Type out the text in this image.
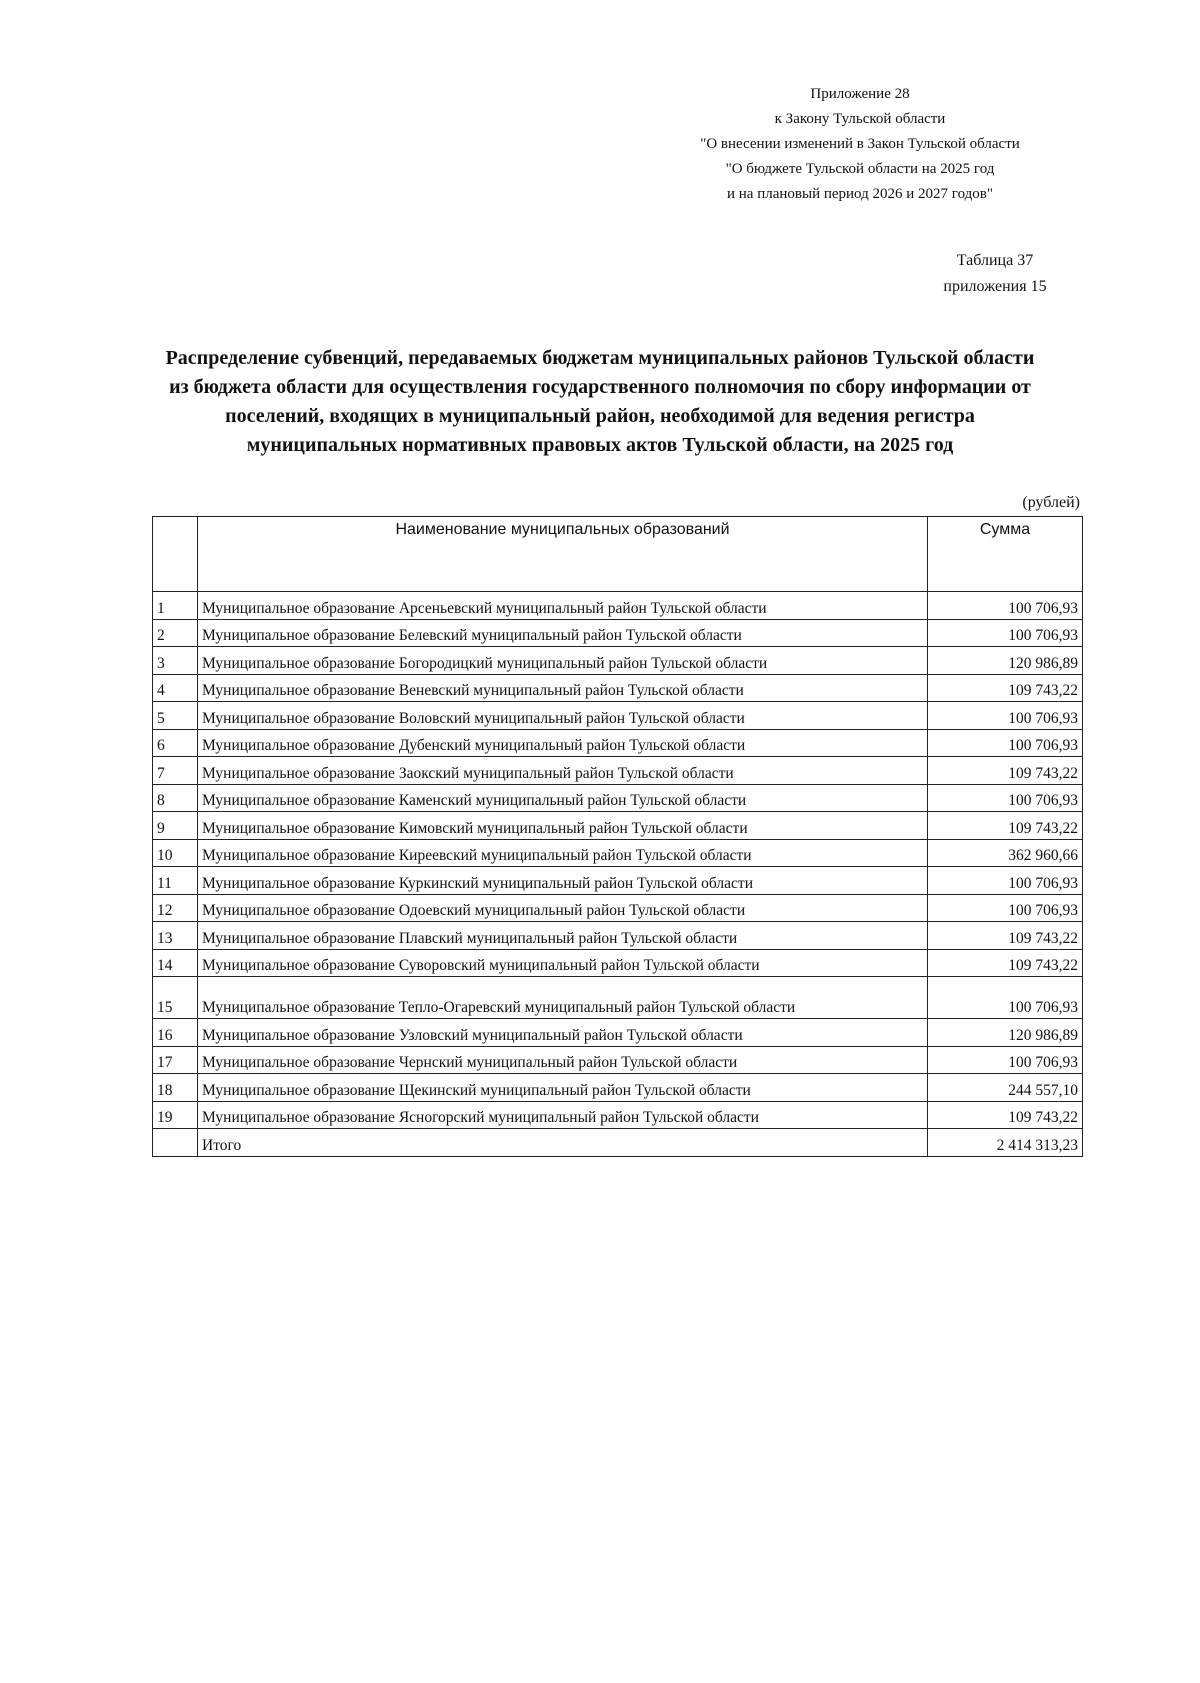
Приложение 28
к Закону Тульской области
"О внесении изменений в Закон Тульской области
"О бюджете Тульской области на 2025 год
и на плановый период 2026 и 2027 годов"
Таблица 37
приложения 15
Распределение субвенций, передаваемых бюджетам муниципальных районов Тульской области
из бюджета области для осуществления государственного полномочия по сбору информации от
поселений, входящих в муниципальный район, необходимой для ведения регистра
муниципальных нормативных правовых актов Тульской области, на 2025 год
(рублей)
	Наименование муниципальных образований	Сумма
1	Муниципальное образование Арсеньевский муниципальный район Тульской области	100 706,93
2	Муниципальное образование Белевский муниципальный район Тульской области	100 706,93
3	Муниципальное образование Богородицкий муниципальный район Тульской области	120 986,89
4	Муниципальное образование Веневский муниципальный район Тульской области	109 743,22
5	Муниципальное образование Воловский муниципальный район Тульской области	100 706,93
6	Муниципальное образование Дубенский муниципальный район Тульской области	100 706,93
7	Муниципальное образование Заокский муниципальный район Тульской области	109 743,22
8	Муниципальное образование Каменский муниципальный район Тульской области	100 706,93
9	Муниципальное образование Кимовский муниципальный район Тульской области	109 743,22
10	Муниципальное образование Киреевский муниципальный район Тульской области	362 960,66
11	Муниципальное образование Куркинский муниципальный район Тульской области	100 706,93
12	Муниципальное образование Одоевский муниципальный район Тульской области	100 706,93
13	Муниципальное образование Плавский муниципальный район Тульской области	109 743,22
14	Муниципальное образование Суворовский муниципальный район Тульской области	109 743,22
15	Муниципальное образование Тепло-Огаревский муниципальный район Тульской области	100 706,93
16	Муниципальное образование Узловский муниципальный район Тульской области	120 986,89
17	Муниципальное образование Чернский муниципальный район Тульской области	100 706,93
18	Муниципальное образование Щекинский муниципальный район Тульской области	244 557,10
19	Муниципальное образование Ясногорский муниципальный район Тульской области	109 743,22
	Итого	2 414 313,23
